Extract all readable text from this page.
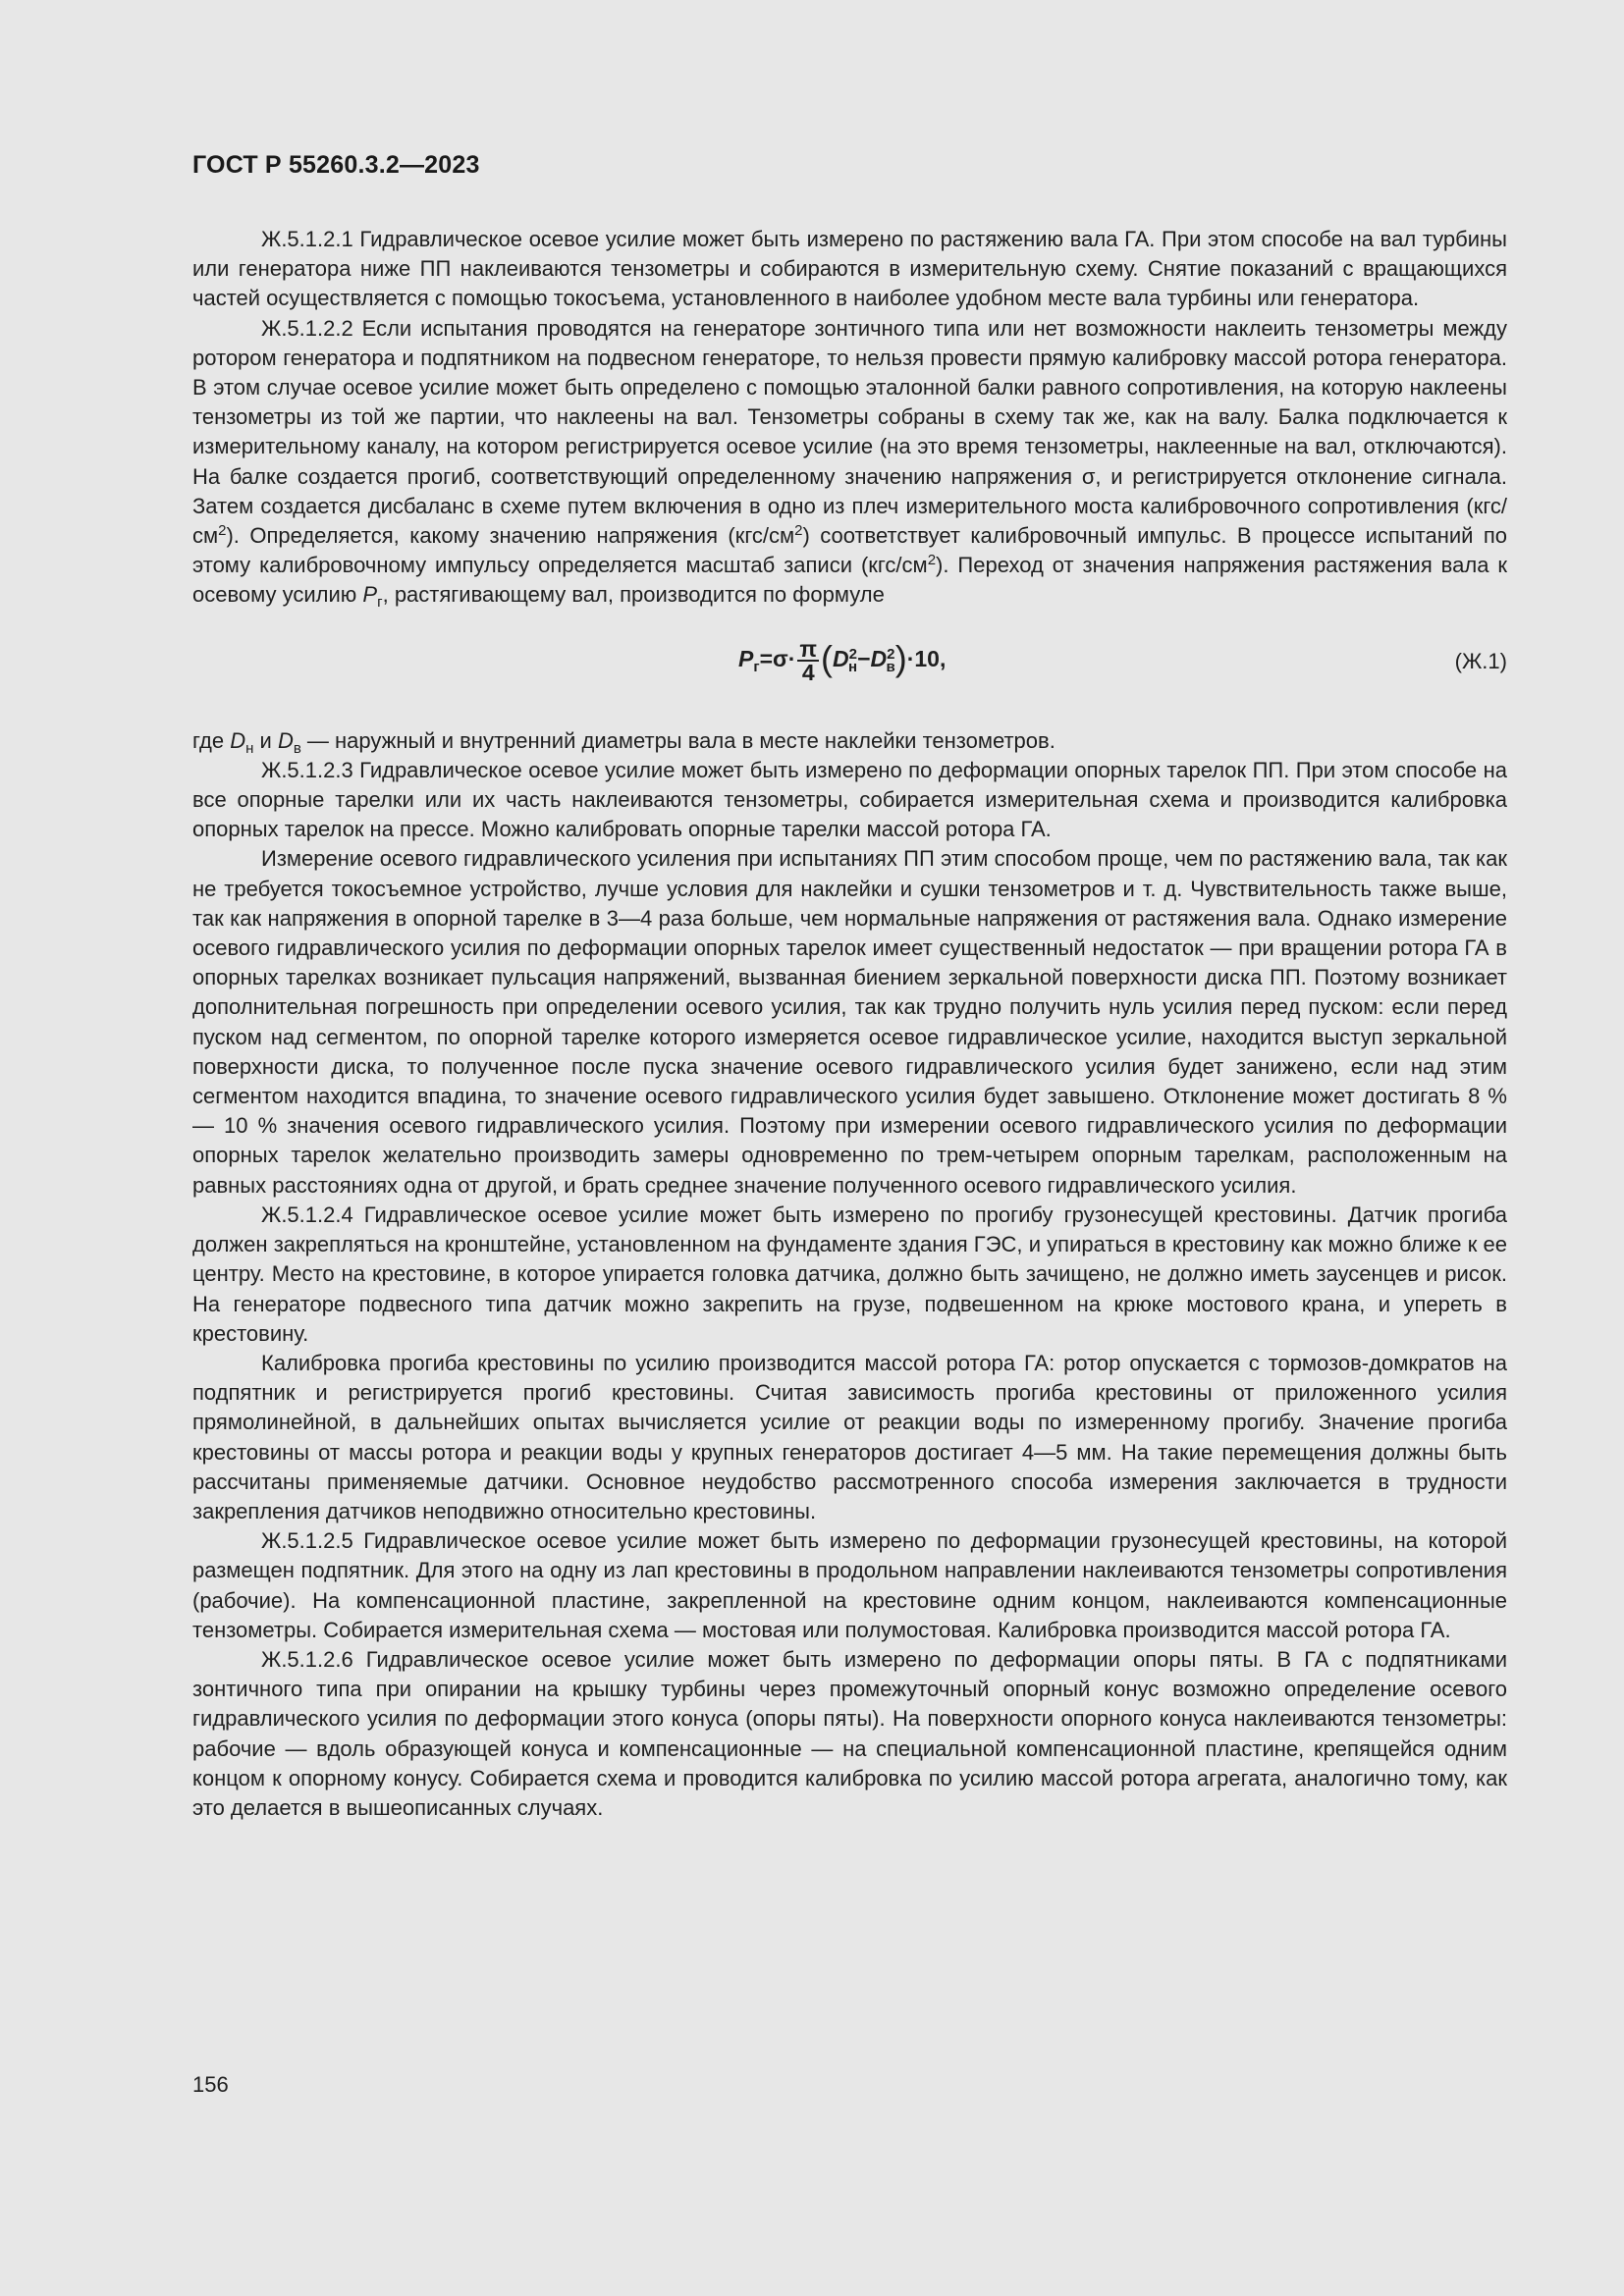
ГОСТ Р 55260.3.2—2023

Ж.5.1.2.1 Гидравлическое осевое усилие может быть измерено по растяжению вала ГА. При этом способе на вал турбины или генератора ниже ПП наклеиваются тензометры и собираются в измерительную схему. Снятие показаний с вращающихся частей осуществляется с помощью токосъема, установленного в наиболее удобном месте вала турбины или генератора.

Ж.5.1.2.2 Если испытания проводятся на генераторе зонтичного типа или нет возможности наклеить тензометры между ротором генератора и подпятником на подвесном генераторе, то нельзя провести прямую калибровку массой ротора генератора. В этом случае осевое усилие может быть определено с помощью эталонной балки равного сопротивления, на которую наклеены тензометры из той же партии, что наклеены на вал. Тензометры собраны в схему так же, как на валу. Балка подключается к измерительному каналу, на котором регистрируется осевое усилие (на это время тензометры, наклеенные на вал, отключаются). На балке создается прогиб, соответствующий определенному значению напряжения σ, и регистрируется отклонение сигнала. Затем создается дисбаланс в схеме путем включения в одно из плеч измерительного моста калибровочного сопротивления $(кгс/см^2)$. Определяется, какому значению напряжения $(кгс/см^2)$ соответствует калибровочный импульс. В процессе испытаний по этому калибровочному импульсу определяется масштаб записи $(кгс/см^2)$. Переход от значения напряжения растяжения вала к осевому усилию $P_г$, растягивающему вал, производится по формуле

$P_г=\sigma\cdot \frac{\pi}{4} (D^2_н-D^2_в)\cdot 10$,	(Ж.1)

где $D_н$ и $D_в$ — наружный и внутренний диаметры вала в месте наклейки тензометров.

Ж.5.1.2.3 Гидравлическое осевое усилие может быть измерено по деформации опорных тарелок ПП. При этом способе на все опорные тарелки или их часть наклеиваются тензометры, собирается измерительная схема и производится калибровка опорных тарелок на прессе. Можно калибровать опорные тарелки массой ротора ГА.

Измерение осевого гидравлического усиления при испытаниях ПП этим способом проще, чем по растяжению вала, так как не требуется токосъемное устройство, лучше условия для наклейки и сушки тензометров и т. д. Чувствительность также выше, так как напряжения в опорной тарелке в 3—4 раза больше, чем нормальные напряжения от растяжения вала. Однако измерение осевого гидравлического усилия по деформации опорных тарелок имеет существенный недостаток — при вращении ротора ГА в опорных тарелках возникает пульсация напряжений, вызванная биением зеркальной поверхности диска ПП. Поэтому возникает дополнительная погрешность при определении осевого усилия, так как трудно получить нуль усилия перед пуском: если перед пуском над сегментом, по опорной тарелке которого измеряется осевое гидравлическое усилие, находится выступ зеркальной поверхности диска, то полученное после пуска значение осевого гидравлического усилия будет занижено, если над этим сегментом находится впадина, то значение осевого гидравлического усилия будет завышено. Отклонение может достигать 8 % — 10 % значения осевого гидравлического усилия. Поэтому при измерении осевого гидравлического усилия по деформации опорных тарелок желательно производить замеры одновременно по трем-четырем опорным тарелкам, расположенным на равных расстояниях одна от другой, и брать среднее значение полученного осевого гидравлического усилия.

Ж.5.1.2.4 Гидравлическое осевое усилие может быть измерено по прогибу грузонесущей крестовины. Датчик прогиба должен закрепляться на кронштейне, установленном на фундаменте здания ГЭС, и упираться в крестовину как можно ближе к ее центру. Место на крестовине, в которое упирается головка датчика, должно быть зачищено, не должно иметь заусенцев и рисок. На генераторе подвесного типа датчик можно закрепить на грузе, подвешенном на крюке мостового крана, и упереть в крестовину.

Калибровка прогиба крестовины по усилию производится массой ротора ГА: ротор опускается с тормозов-домкратов на подпятник и регистрируется прогиб крестовины. Считая зависимость прогиба крестовины от приложенного усилия прямолинейной, в дальнейших опытах вычисляется усилие от реакции воды по измеренному прогибу. Значение прогиба крестовины от массы ротора и реакции воды у крупных генераторов достигает 4—5 мм. На такие перемещения должны быть рассчитаны применяемые датчики. Основное неудобство рассмотренного способа измерения заключается в трудности закрепления датчиков неподвижно относительно крестовины.

Ж.5.1.2.5 Гидравлическое осевое усилие может быть измерено по деформации грузонесущей крестовины, на которой размещен подпятник. Для этого на одну из лап крестовины в продольном направлении наклеиваются тензометры сопротивления (рабочие). На компенсационной пластине, закрепленной на крестовине одним концом, наклеиваются компенсационные тензометры. Собирается измерительная схема — мостовая или полумостовая. Калибровка производится массой ротора ГА.

Ж.5.1.2.6 Гидравлическое осевое усилие может быть измерено по деформации опоры пяты. В ГА с подпятниками зонтичного типа при опирании на крышку турбины через промежуточный опорный конус возможно определение осевого гидравлического усилия по деформации этого конуса (опоры пяты). На поверхности опорного конуса наклеиваются тензометры: рабочие — вдоль образующей конуса и компенсационные — на специальной компенсационной пластине, крепящейся одним концом к опорному конусу. Собирается схема и проводится калибровка по усилию массой ротора агрегата, аналогично тому, как это делается в вышеописанных случаях.

156
